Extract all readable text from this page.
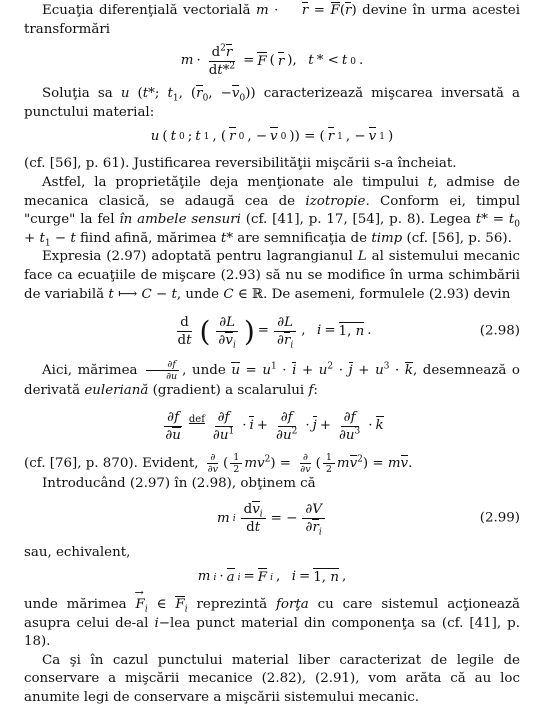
Ecuaţia diferenţială vectorială m · ¨ r = F(r) devine în urma acestei transformări

$m \cdot \frac{d^2r}{dt*^2} = F$ ( r ), t * < t 0 .

Soluţia sa u (t*; $t_1$, ($r_0$, $-v_0$)) caracterizează mişcarea inversată a punctului material:

u ( t 0 ; t 1 , ( r 0 , − v 0 )) = ( r 1 , − v 1 )

(cf. [56], p. 61). Justificarea reversibilităţii mişcării s-a încheiat.

Astfel, la proprietăţile deja menţionate ale timpului t, admise de mecanica clasică, se adaugă cea de izotropie. Conform ei, timpul "curge" la fel în ambele sensuri (cf. [41], p. 17, [54], p. 8). Legea $t* = t_0 + t_1 - t$ fiind afină, mărimea t* are semnificaţia de timp (cf. [56], p. 56).

Expresia (2.97) adoptată pentru lagrangianul L al sistemului mecanic face ca ecuaţiile de mişcare (2.93) să nu se modifice în urma schimbării de variabilă t ⟼ C − t, unde C ∈ ℝ. De asemeni, formulele (2.93) devin

$\frac{d}{dt}$ ( $\frac{\partial L}{\partial v_i}$ ) = $\frac{\partial L}{\partial r_i}$ , i = 1, n .	(2.98)

Aici, mărimea $\frac{\partial f}{\partial u}$ , unde $u = u^1 \cdot i + u^2 \cdot j + u^3 \cdot k$, desemnează o derivată euleriană (gradient) a scalarului f:

$\frac{\partial f}{\partial u}$ def $\frac{\partial f}{\partial u^1} \cdot i + \frac{\partial f}{\partial u^2} \cdot j + \frac{\partial f}{\partial u^3} \cdot k$

(cf. [76], p. 870). Evident, $\frac{\partial}{\partial v}$ ( $\frac{1}{2} mv^2) = \frac{\partial}{\partial v}$ ( $\frac{1}{2} mv^2$) = mv.

Introducând (2.97) în (2.98), obţinem că

m i $\frac{dv_i}{dt}$ = − $\frac{\partial V}{\partial r_i}$	(2.99)

sau, echivalent,

m i · a i = F i , i = 1, n ,

unde mărimea → $F_i$ ∈ $F_i$ reprezintă forţa cu care sistemul acţionează asupra celui de-al i−lea punct material din componenţa sa (cf. [41], p. 18).

Ca şi în cazul punctului material liber caracterizat de legile de conservare a mişcării mecanice (2.82), (2.91), vom arăta că au loc anumite legi de conservare a mişcării sistemului mecanic.
